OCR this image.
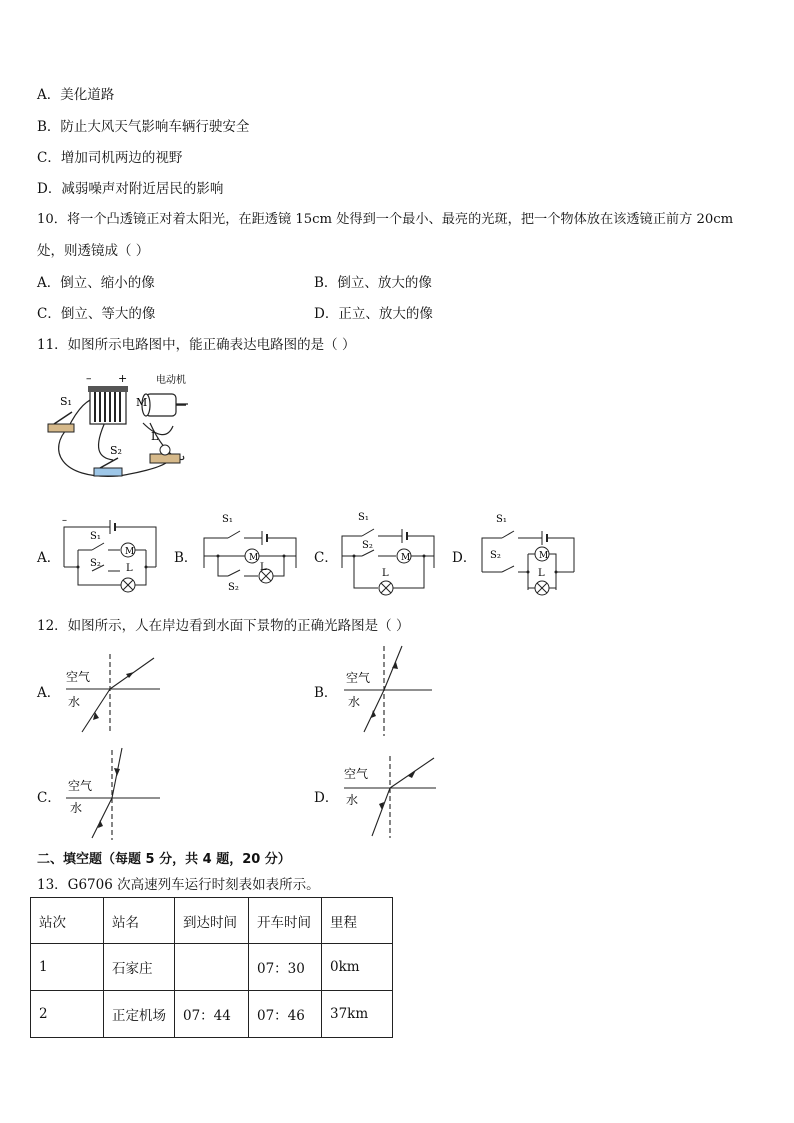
A．美化道路
B．防止大风天气影响车辆行驶安全
C．增加司机两边的视野
D．减弱噪声对附近居民的影响
10．将一个凸透镜正对着太阳光，在距透镜 15cm 处得到一个最小、最亮的光斑，把一个物体放在该透镜正前方 20cm
处，则透镜成（ ）
A．倒立、缩小的像	B．倒立、放大的像
C．倒立、等大的像	D．正立、放大的像
11．如图所示电路图中，能正确表达电路图的是（ ）
– +	电动机
S₁
S₂
M
L
A．	M
S₁
S₂	L
–
B．	M
S₁
S₂
L
C．	M
S₁
S₂
L
D．	M
S₁
S₂
L
12．如图所示，人在岸边看到水面下景物的正确光路图是（ ）
A．
空气
水
B．
空气
水
C．
空气
水
D．
空气
水
二、填空题（每题 5 分，共 4 题，20 分）
13．G6706 次高速列车运行时刻表如表所示。
站次	站名	到达时间	开车时间	里程
1	石家庄		07：30	0km
2	正定机场	07：44	07：46	37km
